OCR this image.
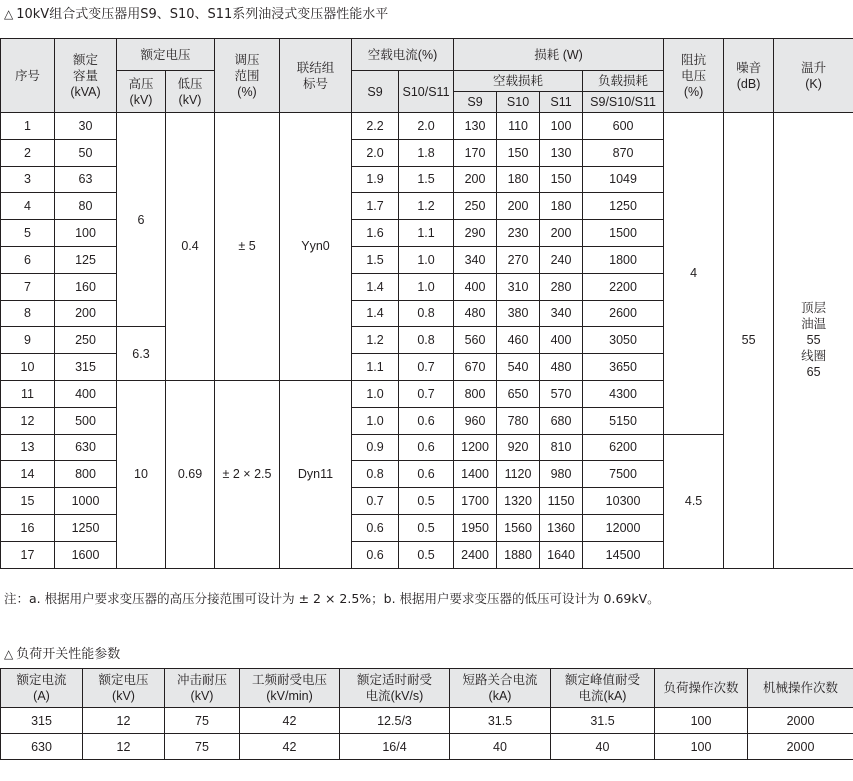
△ 10kV组合式变压器用S9、S10、S11系列油浸式变压器性能水平
序号	额定
容量
(kVA)	额定电压		调压
范围
(%)	联结组
标号	空载电流(%)		损耗 (W)				阻抗
电压
(%)	噪音
(dB)	温升
(K)
		高压
(kV)	低压
(kV)			S9	S10/S11	空载损耗			负载损耗			
								S9	S10	S11	S9/S10/S11			
1	30	6	0.4	± 5	Yyn0	2.2	2.0	130	110	100	600	4	55	顶层
油温
55
线圈
65
2	50					2.0	1.8	170	150	130	870			
3	63					1.9	1.5	200	180	150	1049			
4	80					1.7	1.2	250	200	180	1250			
5	100					1.6	1.1	290	230	200	1500			
6	125					1.5	1.0	340	270	240	1800			
7	160					1.4	1.0	400	310	280	2200			
8	200					1.4	0.8	480	380	340	2600			
9	250	6.3				1.2	0.8	560	460	400	3050			
10	315					1.1	0.7	670	540	480	3650			
11	400	10	0.69	± 2 × 2.5	Dyn11	1.0	0.7	800	650	570	4300			
12	500					1.0	0.6	960	780	680	5150			
13	630					0.9	0.6	1200	920	810	6200	4.5		
14	800					0.8	0.6	1400	1120	980	7500			
15	1000					0.7	0.5	1700	1320	1150	10300			
16	1250					0.6	0.5	1950	1560	1360	12000			
17	1600					0.6	0.5	2400	1880	1640	14500			
注：a. 根据用户要求变压器的高压分接范围可设计为 ± 2 × 2.5%；b. 根据用户要求变压器的低压可设计为 0.69kV。
△ 负荷开关性能参数
额定电流
(A)	额定电压
(kV)	冲击耐压
(kV)	工频耐受电压
(kV/min)	额定适时耐受
电流(kV/s)	短路关合电流
(kA)	额定峰值耐受
电流(kA)	负荷操作次数	机械操作次数
315	12	75	42	12.5/3	31.5	31.5	100	2000
630	12	75	42	16/4	40	40	100	2000
